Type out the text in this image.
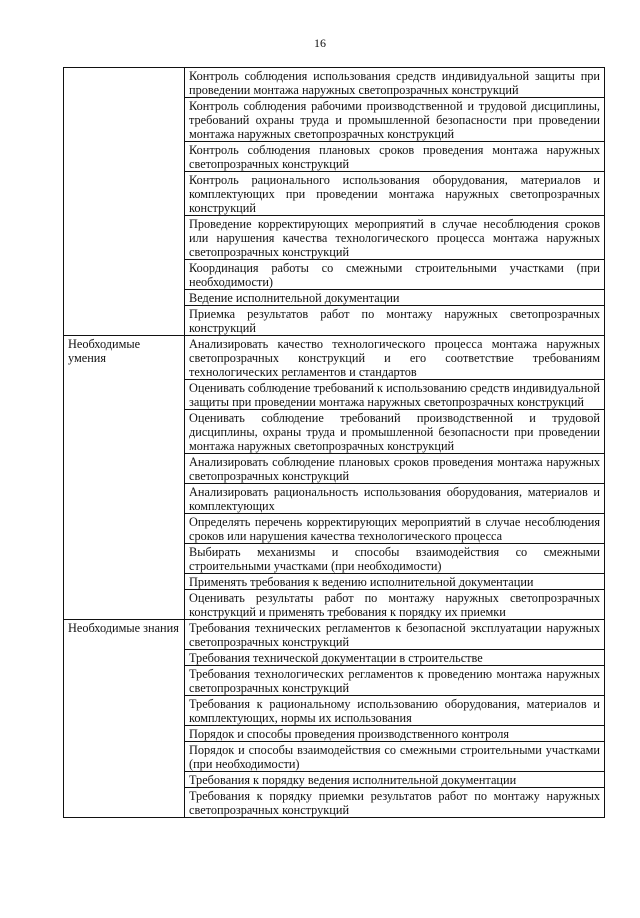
16
	Контроль соблюдения использования средств индивидуальной защиты при проведении монтажа наружных светопрозрачных конструкций
	Контроль соблюдения рабочими производственной и трудовой дисциплины, требований охраны труда и промышленной безопасности при проведении монтажа наружных светопрозрачных конструкций
	Контроль соблюдения плановых сроков проведения монтажа наружных светопрозрачных конструкций
	Контроль рационального использования оборудования, материалов и комплектующих при проведении монтажа наружных светопрозрачных конструкций
	Проведение корректирующих мероприятий в случае несоблюдения сроков или нарушения качества технологического процесса монтажа наружных светопрозрачных конструкций
	Координация работы со смежными строительными участками (при необходимости)
	Ведение исполнительной документации
	Приемка результатов работ по монтажу наружных светопрозрачных конструкций
Необходимые умения	Анализировать качество технологического процесса монтажа наружных светопрозрачных конструкций и его соответствие требованиям технологических регламентов и стандартов
	Оценивать соблюдение требований к использованию средств индивидуальной защиты при проведении монтажа наружных светопрозрачных конструкций
	Оценивать соблюдение требований производственной и трудовой дисциплины, охраны труда и промышленной безопасности при проведении монтажа наружных светопрозрачных конструкций
	Анализировать соблюдение плановых сроков проведения монтажа наружных светопрозрачных конструкций
	Анализировать рациональность использования оборудования, материалов и комплектующих
	Определять перечень корректирующих мероприятий в случае несоблюдения сроков или нарушения качества технологического процесса
	Выбирать механизмы и способы взаимодействия со смежными строительными участками (при необходимости)
	Применять требования к ведению исполнительной документации
	Оценивать результаты работ по монтажу наружных светопрозрачных конструкций и применять требования к порядку их приемки
Необходимые знания	Требования технических регламентов к безопасной эксплуатации наружных светопрозрачных конструкций
	Требования технической документации в строительстве
	Требования технологических регламентов к проведению монтажа наружных светопрозрачных конструкций
	Требования к рациональному использованию оборудования, материалов и комплектующих, нормы их использования
	Порядок и способы проведения производственного контроля
	Порядок и способы взаимодействия со смежными строительными участками (при необходимости)
	Требования к порядку ведения исполнительной документации
	Требования к порядку приемки результатов работ по монтажу наружных светопрозрачных конструкций
